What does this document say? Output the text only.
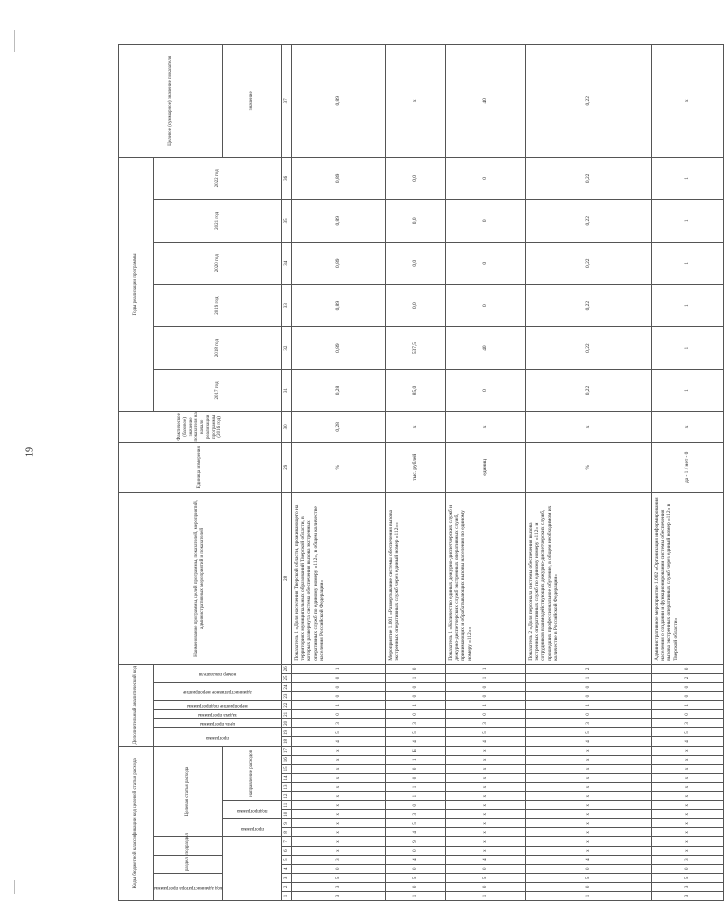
19
Коды бюджетной классификации код целевой статьи расхода																	Дополнительный аналитический код									Наименование программы, целей программы, показателей, мероприятий, административных мероприятий и показателей	Единица измерения	Фактическое (базовое) значение показателя на начало реализации программы (2016 год)	Годы реализации программы						Целевое (суммарное) значение показателя

код администратора программы			раздел		подраздел		Целевая статья расхода										программа		цель программы	задача программы	мероприятие подпрограммы	административное мероприятие		номер показателя					2017 год	2018 год	2019 год	2020 год	2021 год	2022 год	

							программа		подпрограмма		направление расходов																								значение
1	2	3	4	5	6	7	8	9	10	11	12	13	14	15	16	17	18	19	20	21	22	23	24	25	26	28	29	30	31	32	33	34	35	36	37
3	3	5	0	3	x	x	x	x	x	x	x	x	x	x	x	x	4	5	3	0	1	0	0	0	1	Показатель 1 «Доля населения Тверской области, проживающего на территориях муниципальных образований Тверской области, в которых развернута система обеспечения вызова экстренных оперативных служб по единому номеру «112», в общем количестве населения Российской Федерации»	%	0,28	0,28	0,89	0,89	0,89	0,89	0,89	0,89
1	0	5	0	4	0	9	4	5	3	0	1	1	0	0	1	Б	4	5	3	0	1	0	0	1	0	Мероприятие 1.001 «Развертывание системы обеспечения вызова экстренных оперативных служб через единый номер «112»»	тыс. рублей	x	85,0	537,5	0,0	0,0	0,0	0,0	x
1	0	5	0	4	x	x	x	x	x	x	x	x	x	x	x	x	4	5	3	0	1	0	0	1	1	Показатель 1 «Количество единых дежурно-диспетчерских служб и дежурно-диспетчерских служб экстренных оперативных служб, принимающих и обрабатывающих вызовы населения по единому номеру «112»»	единиц	x	0	40	0	0	0	0	40
1	0	5	0	4	x	x	x	x	x	x	x	x	x	x	x	x	4	5	3	0	1	0	0	1	2	Показатель 2 «Доля персонала системы обеспечения вызова экстренных оперативных служб по единому номеру «112» и сотрудников взаимодействующих дежурно-диспетчерских служб, прошедших профессиональное обучение, в общем необходимом их количестве в Российской Федерации»	%	x	0,22	0,22	0,22	0,22	0,22	0,22	0,22
3	3	5	0	3	x	x	x	x	x	x	x	x	x	x	x	x	4	5	3	0	1	0	0	2	0	Административное мероприятие 1.002 «Организация информирования населения о создании и функционировании системы обеспечения вызова экстренных оперативных служб через единый номер «112» в Тверской области»	да - 1 / нет - 0	x	1	1	1	1	1	1	x
